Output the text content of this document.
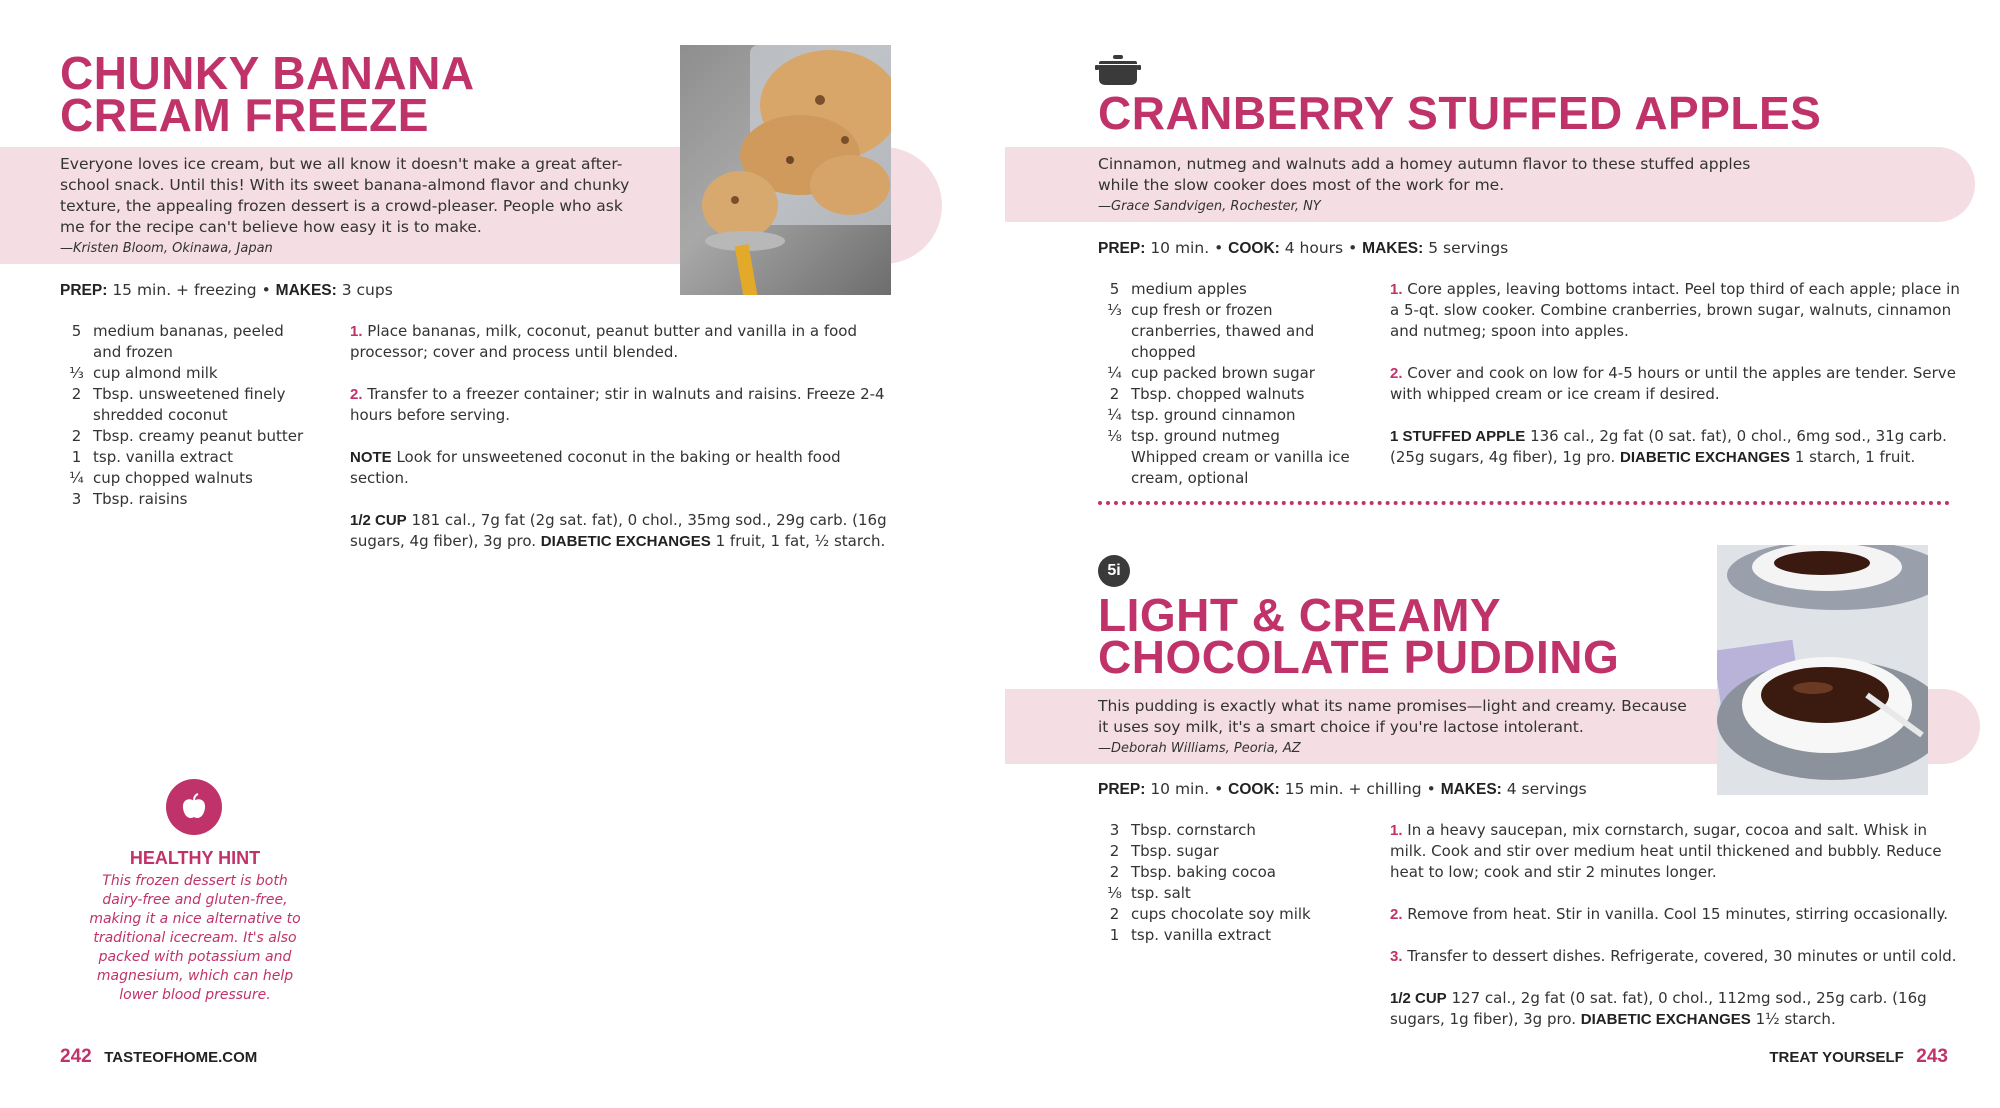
CHUNKY BANANA
CREAM FREEZE
Everyone loves ice cream, but we all know it doesn't make a great after-school snack. Until this! With its sweet banana-almond flavor and chunky texture, the appealing frozen dessert is a crowd-pleaser. People who ask me for the recipe can't believe how easy it is to make.
—Kristen Bloom, Okinawa, Japan
PREP: 15 min. + freezing • MAKES: 3 cups
5 medium bananas, peeled and frozen
⅓ cup almond milk
2 Tbsp. unsweetened finely shredded coconut
2 Tbsp. creamy peanut butter
1 tsp. vanilla extract
¼ cup chopped walnuts
3 Tbsp. raisins

1. Place bananas, milk, coconut, peanut butter and vanilla in a food processor; cover and process until blended.

2. Transfer to a freezer container; stir in walnuts and raisins. Freeze 2-4 hours before serving.

NOTE Look for unsweetened coconut in the baking or health food section.

1/2 CUP 181 cal., 7g fat (2g sat. fat), 0 chol., 35mg sod., 29g carb. (16g sugars, 4g fiber), 3g pro. DIABETIC EXCHANGES 1 fruit, 1 fat, ½ starch.

HEALTHY HINT
This frozen dessert is both dairy-free and gluten-free, making it a nice alternative to traditional icecream. It's also packed with potassium and magnesium, which can help lower blood pressure.
242 TASTEOFHOME.COM
CRANBERRY STUFFED APPLES
Cinnamon, nutmeg and walnuts add a homey autumn flavor to these stuffed apples while the slow cooker does most of the work for me.
—Grace Sandvigen, Rochester, NY
PREP: 10 min. • COOK: 4 hours • MAKES: 5 servings
5 medium apples
⅓ cup fresh or frozen cranberries, thawed and chopped
¼ cup packed brown sugar
2 Tbsp. chopped walnuts
¼ tsp. ground cinnamon
⅛ tsp. ground nutmeg
Whipped cream or vanilla ice cream, optional

1. Core apples, leaving bottoms intact. Peel top third of each apple; place in a 5-qt. slow cooker. Combine cranberries, brown sugar, walnuts, cinnamon and nutmeg; spoon into apples.

2. Cover and cook on low for 4-5 hours or until the apples are tender. Serve with whipped cream or ice cream if desired.

1 STUFFED APPLE 136 cal., 2g fat (0 sat. fat), 0 chol., 6mg sod., 31g carb. (25g sugars, 4g fiber), 1g pro. DIABETIC EXCHANGES 1 starch, 1 fruit.

5i
LIGHT & CREAMY
CHOCOLATE PUDDING
This pudding is exactly what its name promises—light and creamy. Because it uses soy milk, it's a smart choice if you're lactose intolerant.
—Deborah Williams, Peoria, AZ
PREP: 10 min. • COOK: 15 min. + chilling • MAKES: 4 servings
3 Tbsp. cornstarch
2 Tbsp. sugar
2 Tbsp. baking cocoa
⅛ tsp. salt
2 cups chocolate soy milk
1 tsp. vanilla extract

1. In a heavy saucepan, mix cornstarch, sugar, cocoa and salt. Whisk in milk. Cook and stir over medium heat until thickened and bubbly. Reduce heat to low; cook and stir 2 minutes longer.

2. Remove from heat. Stir in vanilla. Cool 15 minutes, stirring occasionally.

3. Transfer to dessert dishes. Refrigerate, covered, 30 minutes or until cold.

1/2 CUP 127 cal., 2g fat (0 sat. fat), 0 chol., 112mg sod., 25g carb. (16g sugars, 1g fiber), 3g pro. DIABETIC EXCHANGES 1½ starch.

TREAT YOURSELF 243
